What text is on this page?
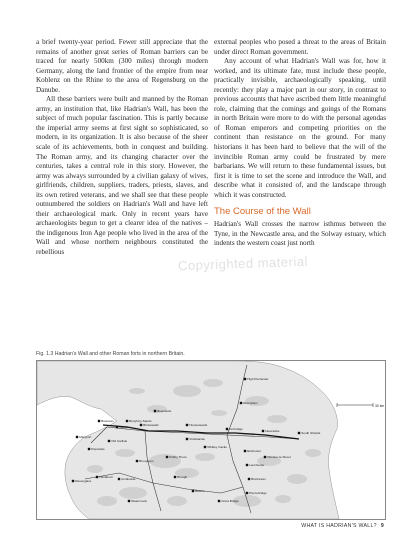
a brief twenty-year period. Fewer still appreciate that the remains of another great series of Roman barriers can be traced for nearly 500km (300 miles) through modern Germany, along the land frontier of the empire from near Koblenz on the Rhine to the area of Regensburg on the Danube.

All these barriers were built and manned by the Roman army, an institution that, like Hadrian's Wall, has been the subject of much popular fascination. This is partly because the imperial army seems at first sight so sophisticated, so modern, in its organization. It is also because of the sheer scale of its achievements, both in conquest and building. The Roman army, and its changing character over the centuries, takes a central role in this story. However, the army was always surrounded by a civilian galaxy of wives, girlfriends, children, suppliers, traders, priests, slaves, and its own retired veterans, and we shall see that these people outnumbered the soldiers on Hadrian's Wall and have left their archaeological mark. Only in recent years have archaeologists begun to get a clearer idea of the natives – the indigenous Iron Age people who lived in the area of the Wall and whose northern neighbours constituted the rebellious

external peoples who posed a threat to the areas of Britain under direct Roman government.

Any account of what Hadrian's Wall was for, how it worked, and its ultimate fate, must include these people, practically invisible, archaeologically speaking, until recently: they play a major part in our story, in contrast to previous accounts that have ascribed them little meaningful role, claiming that the comings and goings of the Romans in north Britain were more to do with the personal agendas of Roman emperors and competing priorities on the continent than resistance on the ground. For many historians it has been hard to believe that the will of the invincible Roman army could be frustrated by mere barbarians. We will return to these fundamental issues, but first it is time to set the scene and introduce the Wall, and describe what it consisted of, and the landscape through which it was constructed.

The Course of the Wall

Hadrian's Wall crosses the narrow isthmus between the Tyne, in the Newcastle area, and the Solway estuary, which indents the western coast just north

Copyrighted material
Fig. 1.3 Hadrian's Wall and other Roman forts in northern Britain.
Bewcastle
Birdoswald
Carlisle	Housesteads
Vindolanda
Corbridge	Newcastle	South Shields
Risingham
High Rochester
Maryport
Old Carlisle
Brougham
Kirkby Thore
Ebchester
Lanchester
Binchester
Piercebridge
Bowes
Ambleside
Ravenglass
Hardknott
Papcastle
Burgh-by-Sands
Bowness
Whitley Castle
Chester-le-Street
Brough
Greta Bridge
Watercrook
30 km
WHAT IS HADRIAN'S WALL? 9
